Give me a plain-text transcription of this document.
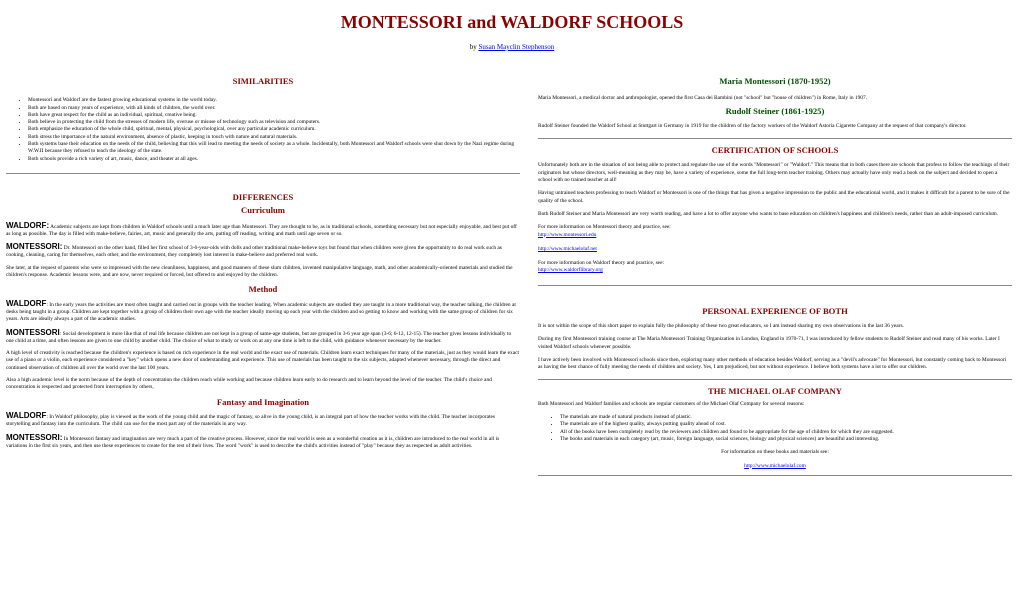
MONTESSORI and WALDORF SCHOOLS
by Susan Mayclin Stephenson
SIMILARITIES
• Montessori and Waldorf are the fastest growing educational systems in the world today.
• Both are based on many years of experience, with all kinds of children, the world over.
• Both have great respect for the child as an individual, spiritual, creative being.
• Both believe in protecting the child from the stresses of modern life, overuse or misuse of technology such as television and computers.
• Both emphasize the education of the whole child, spiritual, mental, physical, psychological, over any particular academic curriculum.
• Both stress the importance of the natural environment, absence of plastic, keeping in touch with nature and natural materials.
• Both systems base their education on the needs of the child, believing that this will lead to meeting the needs of society as a whole. Incidentally, both Montessori and Waldorf schools were shut down by the Nazi regime during W.W.II because they refused to teach the ideology of the state.
• Both schools provide a rich variety of art, music, dance, and theater at all ages.
DIFFERENCES
Curriculum

WALDORF: Academic subjects are kept from children in Waldorf schools until a much later age than Montessori. They are thought to be, as in traditional schools, something necessary but not especially enjoyable, and best put off as long as possible. The day is filled with make-believe, fairies, art, music and generally the arts, putting off reading, writing and math until age seven or so.

MONTESSORI: Dr. Montessori on the other hand, filled her first school of 3-6-year-olds with dolls and other traditional make-believe toys but found that when children were given the opportunity to do real work such as cooking, cleaning, caring for themselves, each other, and the environment, they completely lost interest in make-believe and preferred real work.

She later, at the request of parents who were so impressed with the new cleanliness, happiness, and good manners of these slum children, invented manipulative language, math, and other academically-oriented materials and studied the children's response. Academic lessons were, and are now, never required or forced, but offered to and enjoyed by the children.

Method

WALDORF: In the early years the activities are most often taught and carried out in groups with the teacher leading. When academic subjects are studied they are taught in a more traditional way, the teacher talking, the children at desks being taught in a group. Children are kept together with a group of children their own age with the teacher ideally moving up each year with the children and so getting to know and working with the same group of children for six years. Arts are ideally always a part of the academic studies.

MONTESSORI: Social development is more like that of real life because children are not kept in a group of same-age students, but are grouped in 3-6 year age span (3-6; 6-12, 12-15). The teacher gives lessons individually to one child at a time, and often lessons are given to one child by another child. The choice of what to study or work on at any one time is left to the child, with guidance whenever necessary by the teacher.

A high level of creativity is reached because the children's experience is based on rich experience in the real world and the exact use of materials. Children learn exact techniques for many of the materials, just as they would learn the exact use of a piano or a violin, each experience considered a "key" which opens a new door of understanding and experience. This use of materials has been taught to the six subjects, adapted whenever necessary, through the direct and continued observation of children all over the world over the last 100 years.

Also a high academic level is the norm because of the depth of concentration the children reach while working and because children learn early to do research and to learn beyond the level of the teacher. The child's choice and concentration is respected and protected from interruption by others,

Fantasy and Imagination

WALDORF: In Waldorf philosophy, play is viewed as the work of the young child and the magic of fantasy, so alive in the young child, is an integral part of how the teacher works with the child. The teacher incorporates storytelling and fantasy into the curriculum. The child can use for the most part any of the materials in any way.

MONTESSORI: In Montessori fantasy and imagination are very much a part of the creative process. However, since the real world is seen as a wonderful creation as it is, children are introduced to the real world in all is variations in the first six years, and then use these experiences to create for the rest of their lives. The word "work" is used to describe the child's activities instead of "play" because they as respected as adult activities.

Maria Montessori (1870-1952)

Maria Montessori, a medical doctor and anthropologist, opened the first Casa dei Bambini (not "school" but "house of children") in Rome, Italy in 1907.

Rudolf Steiner (1861-1925)

Rudolf Steiner founded the Waldorf School at Stuttgart in Germany in 1919 for the children of the factory workers of the Waldorf Astoria Cigarette Company at the request of that company's director.

CERTIFICATION OF SCHOOLS

Unfortunately both are in the situation of not being able to protect and regulate the use of the words "Montessori" or "Waldorf." This means that in both cases there are schools that profess to follow the teachings of their originators but whose directors, well-meaning as they may be, have a variety of experience, some the full long-term teacher training. Others may actually have only read a book on the subject and decided to open a school with no trained teacher at all!

Having untrained teachers professing to teach Waldorf or Montessori is one of the things that has given a negative impression to the public and the educational world, and it makes it difficult for a parent to be sure of the quality of the school.

Both Rudolf Steiner and Maria Montessori are very worth reading, and have a lot to offer anyone who wants to base education on children's happiness and children's needs, rather than an adult-imposed curriculum.

For more information on Montessori theory and practice, see:

http://www.montessori.edu
http://www.michaelolaf.net

For more information on Waldorf theory and practice, see:

http://www.waldorflibrary.org
PERSONAL EXPERIENCE OF BOTH

It is not within the scope of this short paper to explain fully the philosophy of these two great educators, so I am instead sharing my own observations in the last 36 years.

During my first Montessori training course at The Maria Montessori Training Organization in London, England in 1970-71, I was introduced by fellow students to Rudolf Steiner and read many of his works. Later I visited Waldorf schools whenever possible.

I have actively been involved with Montessori schools since then, exploring many other methods of education besides Waldorf, serving as a "devil's advocate" for Montessori, but constantly coming back to Montessori as having the best chance of fully meeting the needs of children and society. Yes, I am prejudiced, but not without experience. I believe both systems have a lot to offer our children.

THE MICHAEL OLAF COMPANY

Both Montessori and Waldorf families and schools are regular customers of the Michael Olaf Company for several reasons:

• The materials are made of natural products instead of plastic.
• The materials are of the highest quality, always putting quality ahead of cost.
• All of the books have been completely read by the reviewers and children and found to be appropriate for the age of children for which they are suggested.
• The books and materials in each category (art, music, foreign language, social sciences, biology and physical sciences) are beautiful and interesting.

For information on these books and materials see:

http://www.michaelolaf.com
